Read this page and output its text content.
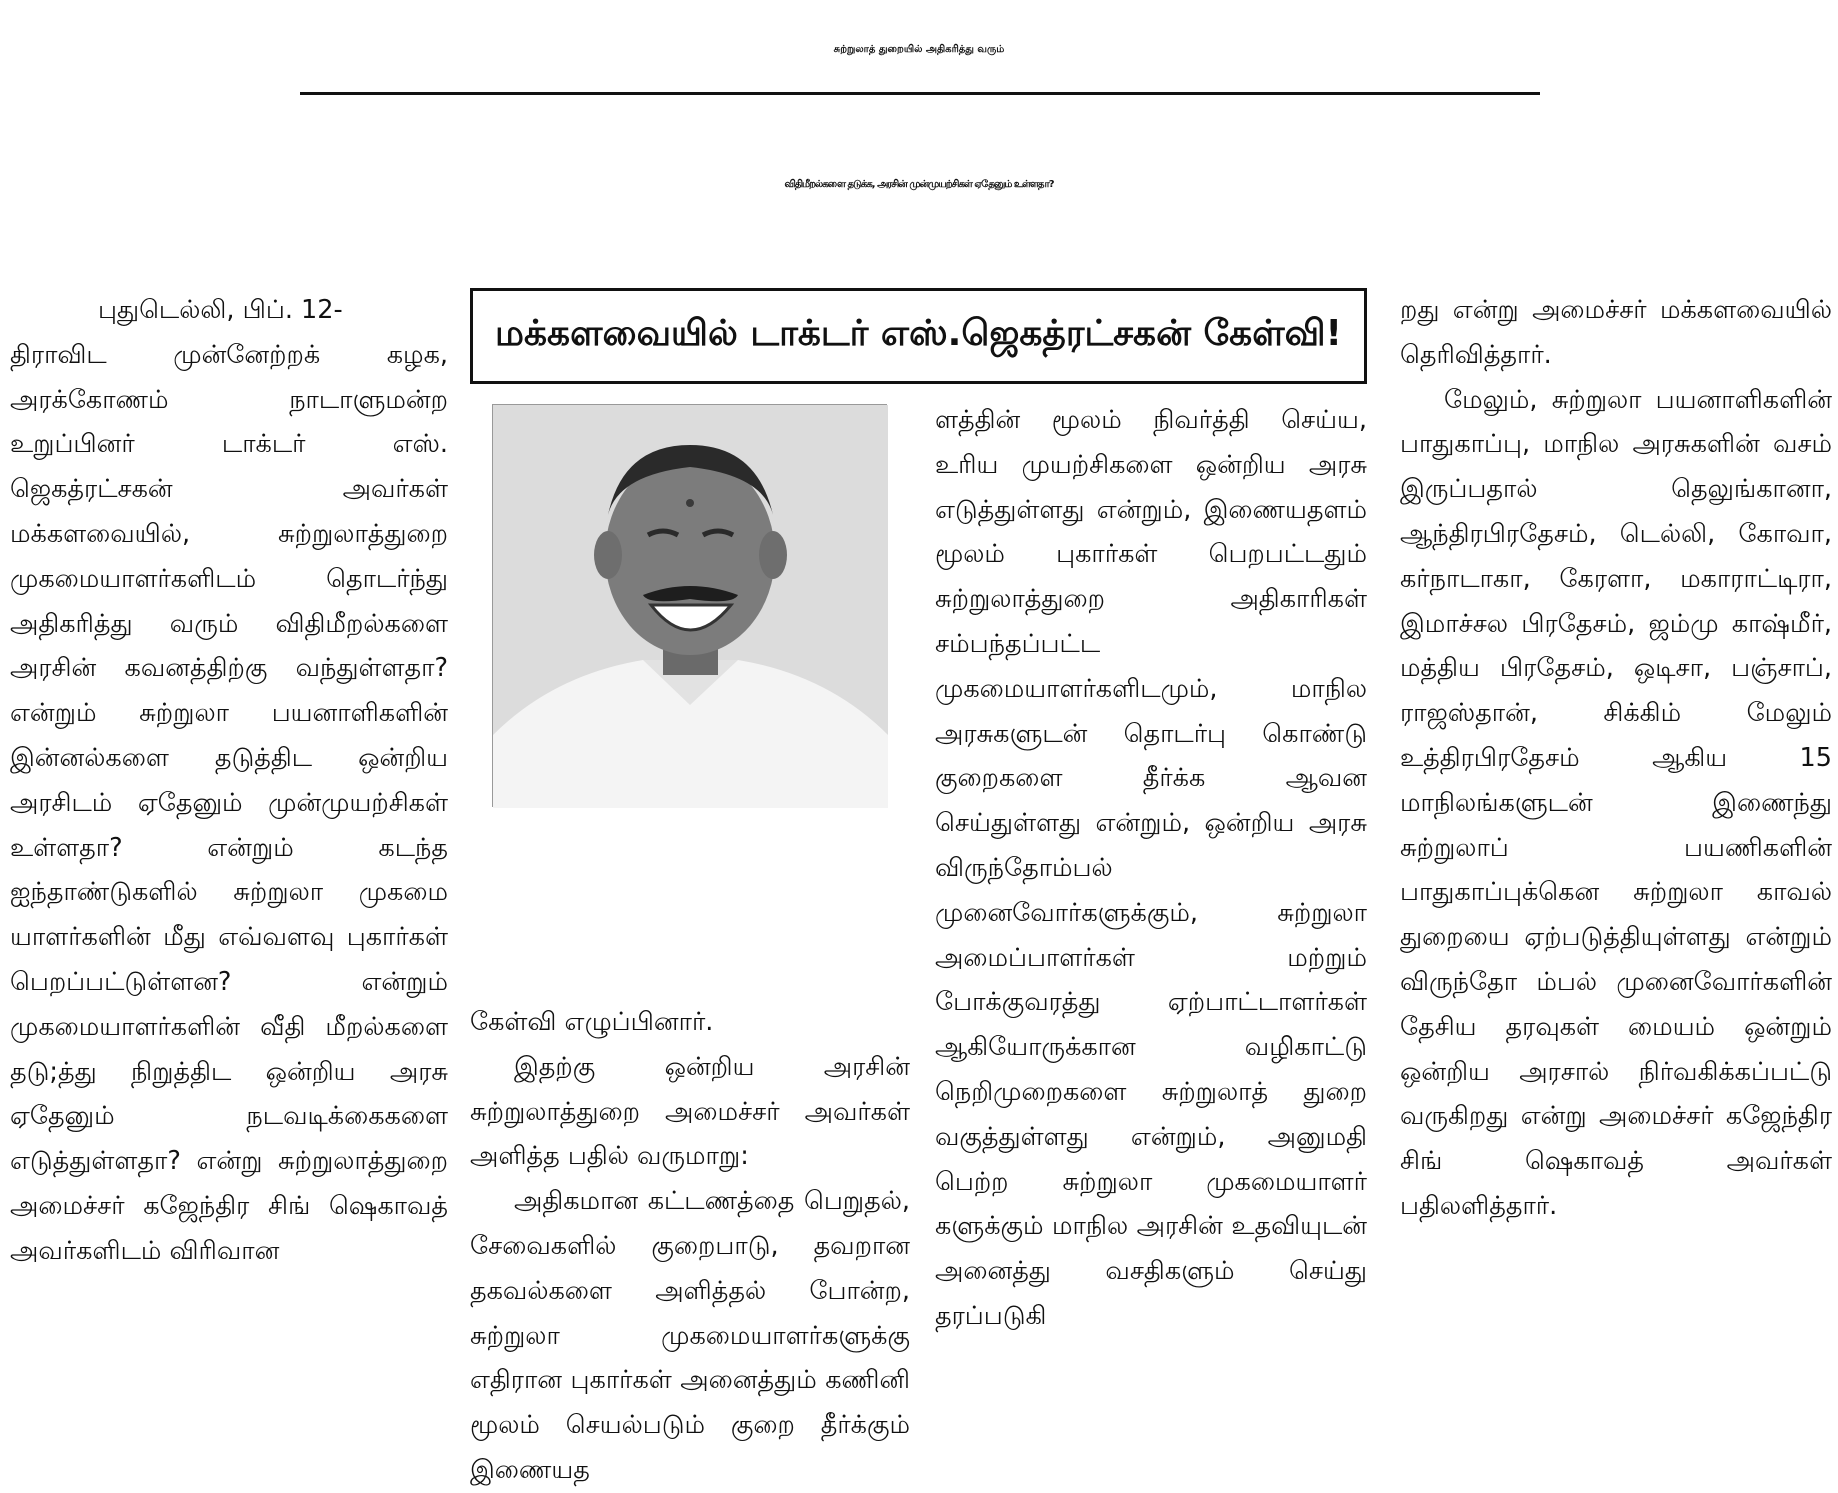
சுற்றுலாத் துறையில் அதிகரித்து வரும்
விதிமீறல்களை தடுக்க, அரசின் முன்முயற்சிகள் ஏதேனும் உள்ளதா?

புதுடெல்லி, பிப். 12-

திராவிட முன்னேற்றக் கழக, அரக்கோணம் நாடாளுமன்ற உறுப்பினர் டாக்டர் எஸ். ஜெகத்ரட்சகன் அவர்கள் மக்களவையில், சுற்றுலாத்துறை முகமையாளர்களிடம் தொடர்ந்து அதிகரித்து வரும் விதிமீறல்களை அரசின் கவனத்திற்கு வந்துள்ளதா? என்றும் சுற்றுலா பயனாளிகளின் இன்னல்களை தடுத்திட ஒன்றிய அரசிடம் ஏதேனும் முன்முயற்சிகள் உள்ளதா? என்றும் கடந்த ஐந்தாண்டுகளில் சுற்றுலா முகமை யாளர்களின் மீது எவ்வளவு புகார்கள் பெறப்பட்டுள்ளன? என்றும் முகமையாளர்களின் வீதி மீறல்களை தடு;த்து நிறுத்திட ஒன்றிய அரசு ஏதேனும் நடவடிக்கைகளை எடுத்துள்ளதா? என்று சுற்றுலாத்துறை அமைச்சர் கஜேந்திர சிங் ஷெகாவத் அவர்களிடம் விரிவான

மக்களவையில் டாக்டர் எஸ்.ஜெகத்ரட்சகன் கேள்வி!

கேள்வி எழுப்பினார்.

இதற்கு ஒன்றிய அரசின் சுற்றுலாத்துறை அமைச்சர் அவர்கள் அளித்த பதில் வருமாறு:

அதிகமான கட்டணத்தை பெறுதல், சேவைகளில் குறைபாடு, தவறான தகவல்களை அளித்தல் போன்ற, சுற்றுலா முகமையாளர்களுக்கு எதிரான புகார்கள் அனைத்தும் கணினி மூலம் செயல்படும் குறை தீர்க்கும் இணையத

ளத்தின் மூலம் நிவர்த்தி செய்ய, உரிய முயற்சிகளை ஒன்றிய அரசு எடுத்துள்ளது என்றும், இணையதளம் மூலம் புகார்கள் பெறபட்டதும் சுற்றுலாத்துறை அதிகாரிகள் சம்பந்தப்பட்ட முகமையாளர்களிடமும், மாநில அரசுகளுடன் தொடர்பு கொண்டு குறைகளை தீர்க்க ஆவன செய்துள்ளது என்றும், ஒன்றிய அரசு விருந்தோம்பல் முனைவோர்களுக்கும், சுற்றுலா அமைப்பாளர்கள் மற்றும் போக்குவரத்து ஏற்பாட்டாளர்கள் ஆகியோருக்கான வழிகாட்டு நெறிமுறைகளை சுற்றுலாத் துறை வகுத்துள்ளது என்றும், அனுமதி பெற்ற சுற்றுலா முகமையாளர் களுக்கும் மாநில அரசின் உதவியுடன் அனைத்து வசதிகளும் செய்து தரப்படுகி

றது என்று அமைச்சர் மக்களவையில் தெரிவித்தார்.

மேலும், சுற்றுலா பயனாளிகளின் பாதுகாப்பு, மாநில அரசுகளின் வசம் இருப்பதால் தெலுங்கானா, ஆந்திரபிரதேசம், டெல்லி, கோவா, கர்நாடாகா, கேரளா, மகாராட்டிரா, இமாச்சல பிரதேசம், ஜம்மு காஷ்மீர், மத்திய பிரதேசம், ஒடிசா, பஞ்சாப், ராஜஸ்தான், சிக்கிம் மேலும் உத்திரபிரதேசம் ஆகிய 15 மாநிலங்களுடன் இணைந்து சுற்றுலாப் பயணிகளின் பாதுகாப்புக்கென சுற்றுலா காவல் துறையை ஏற்படுத்தியுள்ளது என்றும் விருந்தோ ம்பல் முனைவோர்களின் தேசிய தரவுகள் மையம் ஒன்றும் ஒன்றிய அரசால் நிர்வகிக்கப்பட்டு வருகிறது என்று அமைச்சர் கஜேந்திர சிங் ஷெகாவத் அவர்கள் பதிலளித்தார்.
